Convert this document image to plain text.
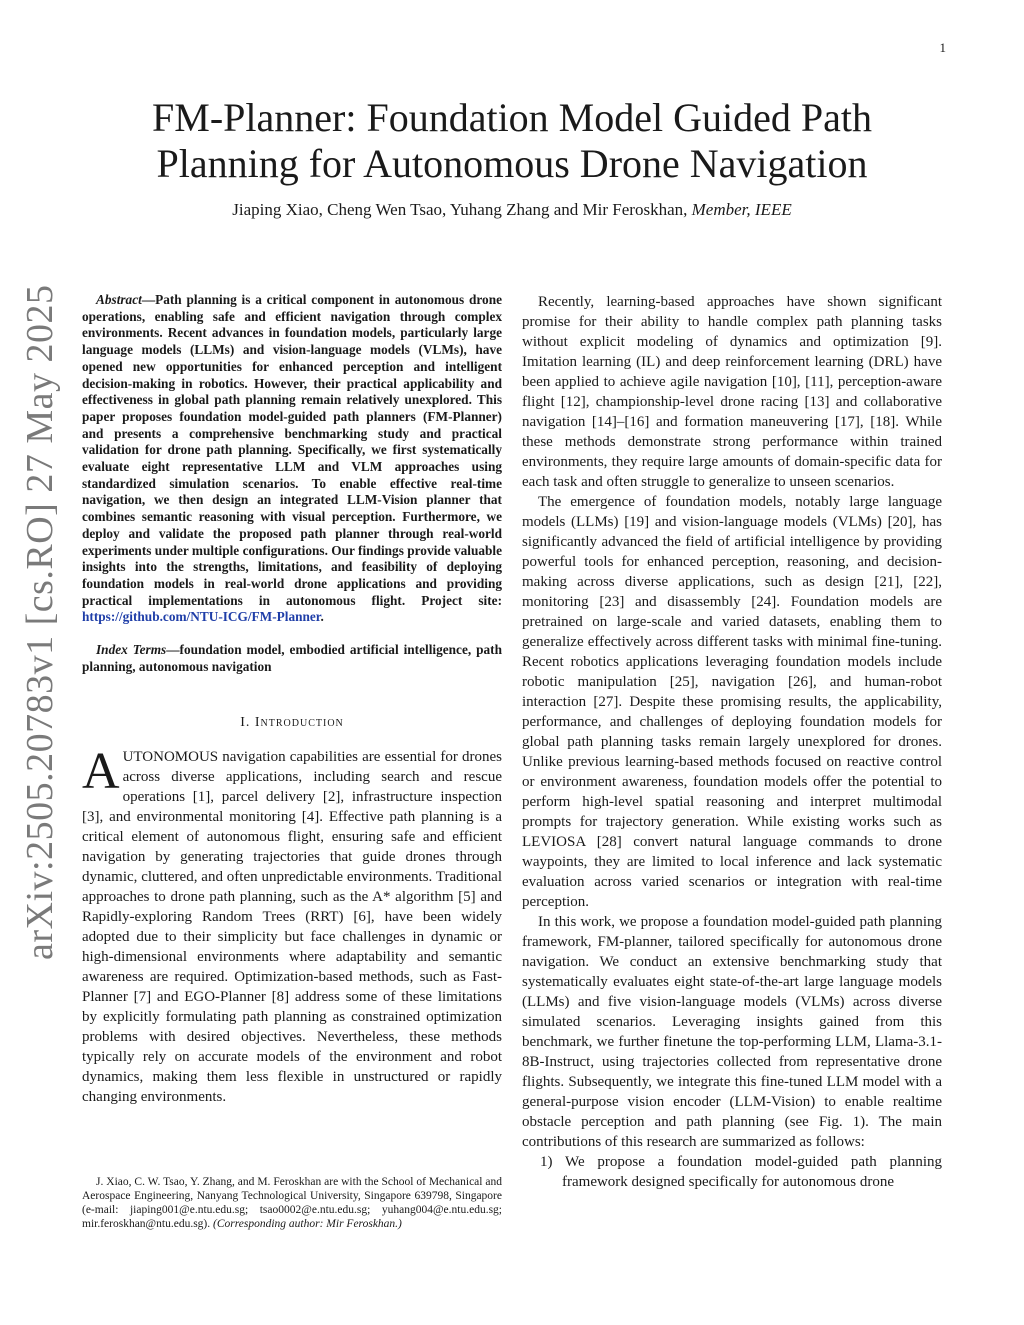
1
arXiv:2505.20783v1 [cs.RO] 27 May 2025
FM-Planner: Foundation Model Guided Path Planning for Autonomous Drone Navigation
Jiaping Xiao, Cheng Wen Tsao, Yuhang Zhang and Mir Feroskhan, Member, IEEE

Abstract—Path planning is a critical component in autonomous drone operations, enabling safe and efficient navigation through complex environments. Recent advances in foundation models, particularly large language models (LLMs) and vision-language models (VLMs), have opened new opportunities for enhanced perception and intelligent decision-making in robotics. However, their practical applicability and effectiveness in global path planning remain relatively unexplored. This paper proposes foundation model-guided path planners (FM-Planner) and presents a comprehensive benchmarking study and practical validation for drone path planning. Specifically, we first systematically evaluate eight representative LLM and VLM approaches using standardized simulation scenarios. To enable effective real-time navigation, we then design an integrated LLM-Vision planner that combines semantic reasoning with visual perception. Furthermore, we deploy and validate the proposed path planner through real-world experiments under multiple configurations. Our findings provide valuable insights into the strengths, limitations, and feasibility of deploying foundation models in real-world drone applications and providing practical implementations in autonomous flight. Project site: https://github.com/NTU-ICG/FM-Planner.

Index Terms—foundation model, embodied artificial intelligence, path planning, autonomous navigation

I. Introduction

AUTONOMOUS navigation capabilities are essential for drones across diverse applications, including search and rescue operations [1], parcel delivery [2], infrastructure inspection [3], and environmental monitoring [4]. Effective path planning is a critical element of autonomous flight, ensuring safe and efficient navigation by generating trajectories that guide drones through dynamic, cluttered, and often unpredictable environments. Traditional approaches to drone path planning, such as the A* algorithm [5] and Rapidly-exploring Random Trees (RRT) [6], have been widely adopted due to their simplicity but face challenges in dynamic or high-dimensional environments where adaptability and semantic awareness are required. Optimization-based methods, such as Fast-Planner [7] and EGO-Planner [8] address some of these limitations by explicitly formulating path planning as constrained optimization problems with desired objectives. Nevertheless, these methods typically rely on accurate models of the environment and robot dynamics, making them less flexible in unstructured or rapidly changing environments.

J. Xiao, C. W. Tsao, Y. Zhang, and M. Feroskhan are with the School of Mechanical and Aerospace Engineering, Nanyang Technological University, Singapore 639798, Singapore (e-mail: jiaping001@e.ntu.edu.sg; tsao0002@e.ntu.edu.sg; yuhang004@e.ntu.edu.sg; mir.feroskhan@ntu.edu.sg). (Corresponding author: Mir Feroskhan.)

Recently, learning-based approaches have shown significant promise for their ability to handle complex path planning tasks without explicit modeling of dynamics and optimization [9]. Imitation learning (IL) and deep reinforcement learning (DRL) have been applied to achieve agile navigation [10], [11], perception-aware flight [12], championship-level drone racing [13] and collaborative navigation [14]–[16] and formation maneuvering [17], [18]. While these methods demonstrate strong performance within trained environments, they require large amounts of domain-specific data for each task and often struggle to generalize to unseen scenarios.

The emergence of foundation models, notably large language models (LLMs) [19] and vision-language models (VLMs) [20], has significantly advanced the field of artificial intelligence by providing powerful tools for enhanced perception, reasoning, and decision-making across diverse applications, such as design [21], [22], monitoring [23] and disassembly [24]. Foundation models are pretrained on large-scale and varied datasets, enabling them to generalize effectively across different tasks with minimal fine-tuning. Recent robotics applications leveraging foundation models include robotic manipulation [25], navigation [26], and human-robot interaction [27]. Despite these promising results, the applicability, performance, and challenges of deploying foundation models for global path planning tasks remain largely unexplored for drones. Unlike previous learning-based methods focused on reactive control or environment awareness, foundation models offer the potential to perform high-level spatial reasoning and interpret multimodal prompts for trajectory generation. While existing works such as LEVIOSA [28] convert natural language commands to drone waypoints, they are limited to local inference and lack systematic evaluation across varied scenarios or integration with real-time perception.

In this work, we propose a foundation model-guided path planning framework, FM-planner, tailored specifically for autonomous drone navigation. We conduct an extensive benchmarking study that systematically evaluates eight state-of-the-art large language models (LLMs) and five vision-language models (VLMs) across diverse simulated scenarios. Leveraging insights gained from this benchmark, we further finetune the top-performing LLM, Llama-3.1-8B-Instruct, using trajectories collected from representative drone flights. Subsequently, we integrate this fine-tuned LLM model with a general-purpose vision encoder (LLM-Vision) to enable realtime obstacle perception and path planning (see Fig. 1). The main contributions of this research are summarized as follows:

1) We propose a foundation model-guided path planning framework designed specifically for autonomous drone
